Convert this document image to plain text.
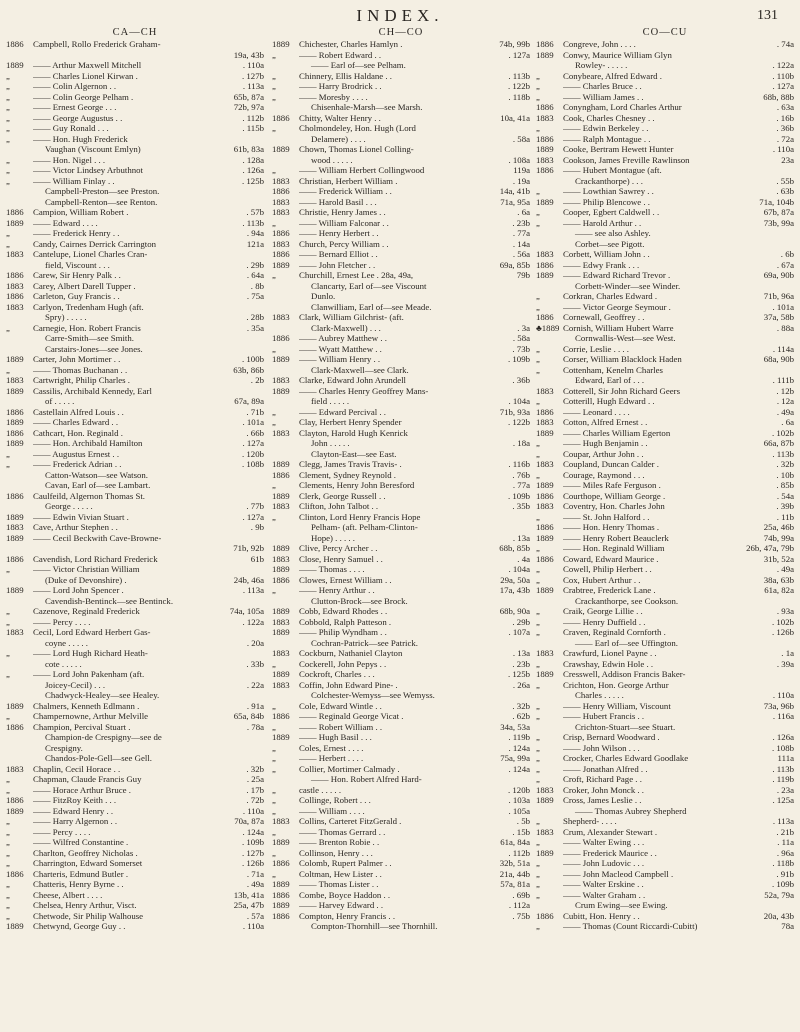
INDEX.	131
CA—CH
1886	Campbell, Rollo Frederick Graham-
19a, 43b
1889	—— Arthur Maxwell Mitchell	. 110a
„	—— Charles Lionel Kirwan .	. 127b
„	—— Colin Algernon . .	. 113a
„	—— Colin George Pelham .	65b, 87a
„	—— Ernest George . . .	72b, 97a
„	—— George Augustus . .	. 112b
„	—— Guy Ronald . . .	. 115b
„	—— Hon. Hugh Frederick
Vaughan (Viscount Emlyn)	61b, 83a
„	—— Hon. Nigel . . .	. 128a
„	—— Victor Lindsey Arbuthnot	. 126a
„	—— William Finlay . .	. 125b
Campbell-Preston—see Preston.
Campbell-Renton—see Renton.
1886	Campion, William Robert .	. 57b
1889	—— Edward . . . .	. 113b
„	—— Frederick Henry . .	. 94a
„	Candy, Cairnes Derrick Carrington	121a
1883	Cantelupe, Lionel Charles Cran-
field, Viscount . . .	. 29b
1886	Carew, Sir Henry Palk . .	. 64a
1883	Carey, Albert Darell Tupper .	. 8b
1886	Carleton, Guy Francis . .	. 75a
1883	Carlyon, Tredenham Hugh (aft.
Spry) . . . . .	. 28b
„	Carnegie, Hon. Robert Francis	. 35a
Carre-Smith—see Smith.
Carstairs-Jones—see Jones.
1889	Carter, John Mortimer . .	. 100b
„	—— Thomas Buchanan . .	63b, 86b
1883	Cartwright, Philip Charles .	. 2b
1889	Cassilis, Archibald Kennedy, Earl
of . . . . .	67a, 89a
1886	Castellain Alfred Louis . .	. 71b
1889	—— Charles Edward . .	. 101a
1886	Cathcart, Hon. Reginald .	. 66b
1889	—— Hon. Archibald Hamilton	. 127a
„	—— Augustus Ernest . .	. 120b
„	—— Frederick Adrian . .	. 108b
Catton-Watson—see Watson.
Cavan, Earl of—see Lambart.
1886	Caulfeild, Algernon Thomas St.
George . . . . .	. 77b
1889	—— Edwin Vivian Stuart .	. 127a
1883	Cave, Arthur Stephen . .	. 9b
1889	—— Cecil Beckwith Cave-Browne-
71b, 92b
1886	Cavendish, Lord Richard Frederick	61b
„	—— Victor Christian William
(Duke of Devonshire) .	24b, 46a
1889	—— Lord John Spencer .	. 113a
Cavendish-Bentinck—see Bentinck.
„	Cazenove, Reginald Frederick	74a, 105a
„	—— Percy . . . .	. 122a
1883	Cecil, Lord Edward Herbert Gas-
coyne . . . . .	. 20a
„	—— Lord Hugh Richard Heath-
cote . . . . .	. 33b
„	—— Lord John Pakenham (aft.
Joicey-Cecil) . . .	. 22a
Chadwyck-Healey—see Healey.
1889	Chalmers, Kenneth Edlmann .	. 91a
„	Champernowne, Arthur Melville	65a, 84b
1886	Champion, Percival Stuart .	. 78a
Champion-de Crespigny—see de
Crespigny.
Chandos-Pole-Gell—see Gell.
1883	Chaplin, Cecil Horace . .	. 32b
„	Chapman, Claude Francis Guy	. 25a
„	—— Horace Arthur Bruce .	. 17b
1886	—— FitzRoy Keith . . .	. 72b
1889	—— Edward Henry . .	. 110a
„	—— Harry Algernon . .	70a, 87a
„	—— Percy . . . .	. 124a
„	—— Wilfred Constantine .	. 109b
„	Charlton, Geoffrey Nicholas .	. 127b
„	Charrington, Edward Somerset	. 126b
1886	Charteris, Edmund Butler .	. 71a
„	Chatteris, Henry Byrne . .	. 49a
„	Cheese, Albert . . . .	13b, 41a
„	Chelsea, Henry Arthur, Visct.	25a, 47b
„	Chetwode, Sir Philip Walhouse	. 57a
1889	Chetwynd, George Guy . .	. 110a
CH—CO
1889	Chichester, Charles Hamlyn .	74b, 99b
„	—— Robert Edward . .	. 127a
—— Earl of—see Pelham.
„	Chinnery, Ellis Haldane . .	. 113b
„	—— Harry Brodrick . .	. 122b
„	—— Moresby . . . .	. 118b
Chisenhale-Marsh—see Marsh.
1886	Chitty, Walter Henry . .	10a, 41a
„	Cholmondeley, Hon. Hugh (Lord
Delamere) . . . .	. 58a
1889	Chown, Thomas Lionel Colling-
wood . . . . .	. 108a
„	—— William Herbert Collingwood	119a
1883	Christian, Herbert William .	. 19a
1886	—— Frederick William . .	14a, 41b
1883	—— Harold Basil . . .	71a, 95a
1883	Christie, Henry James . .	. 6a
„	—— William Falconar . .	. 23b
1886	—— Henry Herbert . .	. 77a
1883	Church, Percy William . .	. 14a
1886	—— Bernard Elliot . .	. 56a
1889	—— John Fletcher . .	69a, 85b
„	Churchill, Ernest Lee . 28a, 49a,	79b
Clancarty, Earl of—see Viscount
Dunlo.
Clanwilliam, Earl of—see Meade.
1883	Clark, William Gilchrist- (aft.
Clark-Maxwell) . . .	. 3a
1886	—— Aubrey Matthew . .	. 58a
„	—— Wyatt Matthew . .	. 73b
1889	—— William Henry . .	. 109b
Clark-Maxwell—see Clark.
1883	Clarke, Edward John Arundell	. 36b
1889	—— Charles Henry Geoffrey Mans-
field . . . . .	. 104a
„	—— Edward Percival . .	71b, 93a
„	Clay, Herbert Henry Spender	. 122b
1883	Clayton, Harold Hugh Kenrick
John . . . . .	. 18a
Clayton-East—see East.
1889	Clegg, James Travis Travis- .	. 116b
1886	Clement, Sydney Reynold .	. 76b
„	Clements, Henry John Beresford	. 77a
1889	Clerk, George Russell . .	. 109b
1883	Clifton, John Talbot . .	. 35b
„	Clinton, Lord Henry Francis Hope
Pelham- (aft. Pelham-Clinton-
Hope) . . . . .	. 13a
1889	Clive, Percy Archer . .	68b, 85b
1883	Close, Henry Samuel . .	. 4a
1889	—— Thomas . . . .	. 104a
1886	Clowes, Ernest William . .	29a, 50a
„	—— Henry Arthur . .	17a, 43b
Clutton-Brock—see Brock.
1889	Cobb, Edward Rhodes . .	68b, 90a
1883	Cobbold, Ralph Patteson .	. 29b
1889	—— Philip Wyndham . .	. 107a
Cochran-Patrick—see Patrick.
1883	Cockburn, Nathaniel Clayton	. 13a
„	Cockerell, John Pepys . .	. 23b
1889	Cockroft, Charles . . .	. 125b
1883	Coffin, John Edward Pine- .	. 26a
Colchester-Wemyss—see Wemyss.
„	Cole, Edward Wintle . .	. 32b
1886	—— Reginald George Vicat .	. 62b
„	—— Robert William . .	34a, 53a
1889	—— Hugh Basil . . .	. 119b
„	Coles, Ernest . . . .	. 124a
„	—— Herbert . . . .	75a, 99a
„	Collier, Mortimer Calmady .	. 124a
—— Hon. Robert Alfred Hard-
„	castle . . . . .	. 120b
„	Collinge, Robert . . .	. 103a
„	—— William . . . .	. 105a
1883	Collins, Carteret FitzGerald .	. 5b
„	—— Thomas Gerrard . .	. 15b
1889	—— Brenton Robie . .	61a, 84a
„	Collinson, Henry . . .	. 112b
1886	Colomb, Rupert Palmer . .	32b, 51a
„	Coltman, Hew Lister . .	21a, 44b
1889	—— Thomas Lister . .	57a, 81a
1886	Combe, Boyce Haddon . .	. 69b
1889	—— Harvey Edward . .	. 112a
1886	Compton, Henry Francis . .	. 75b
Compton-Thornhill—see Thornhill.
CO—CU
1886	Congreve, John . . . .	. 74a
1889	Conwy, Maurice William Glyn
Rowley- . . . . .	. 122a
„	Conybeare, Alfred Edward .	. 110b
„	—— Charles Bruce . .	. 127a
„	—— William James . .	68b, 88b
1886	Conyngham, Lord Charles Arthur	. 63a
1883	Cook, Charles Chesney . .	. 16b
„	—— Edwin Berkeley . .	. 36b
1886	—— Ralph Montague . .	. 72a
1889	Cooke, Bertram Hewett Hunter	. 110a
1883	Cookson, James Freville Rawlinson	23a
1886	—— Hubert Montague (aft.
Crackanthorpe) . . .	. 55b
„	—— Lowthian Sawrey . .	. 63b
1889	—— Philip Blencowe . .	71a, 104b
„	Cooper, Egbert Caldwell . .	67b, 87a
„	—— Harold Arthur . .	73b, 99a
—— see also Ashley.
Corbet—see Pigott.
1883	Corbett, William John . .	. 6b
1886	—— Edwy Frank . . .	. 67a
1889	—— Edward Richard Trevor .	69a, 90b
Corbett-Winder—see Winder.
„	Corkran, Charles Edward .	71b, 96a
„	—— Victor George Seymour .	. 101a
1886	Cornewall, Geoffrey . .	37a, 58b
♣1889 Cornish, William Hubert Warre	. 88a
Cornwallis-West—see West.
„	Corrie, Leslie . . . .	. 114a
„	Corser, William Blacklock Haden	68a, 90b
„	Cottenham, Kenelm Charles
Edward, Earl of . . .	. 111b
1883	Cotterell, Sir John Richard Geers	. 12b
„	Cotterill, Hugh Edward . .	. 12a
1886	—— Leonard . . . .	. 49a
1883	Cotton, Alfred Ernest . .	. 6a
1889	—— Charles William Egerton	. 102b
„	—— Hugh Benjamin . .	66a, 87b
„	Coupar, Arthur John . .	. 113b
1883	Coupland, Duncan Calder .	. 32b
„	Courage, Raymond . . .	. 10b
1889	—— Miles Rafe Ferguson .	. 85b
1886	Courthope, William George .	. 54a
1883	Coventry, Hon. Charles John	. 39b
„	—— St. John Halford . .	. 11b
1886	—— Hon. Henry Thomas .	25a, 46b
1889	—— Henry Robert Beauclerk	74b, 99a
„	—— Hon. Reginald William	26b, 47a, 79b
1886	Coward, Edward Maurice .	31b, 52a
„	Cowell, Philip Herbert . .	. 49a
„	Cox, Hubert Arthur . .	38a, 63b
1889	Crabtree, Frederick Lane .	61a, 82a
Crackanthorpe, see Cookson.
„	Craik, George Lillie . .	. 93a
„	—— Henry Duffield . .	. 102b
„	Craven, Reginald Cornforth .	. 126b
—— Earl of—see Uffington.
1883	Crawfurd, Lionel Payne . .	. 1a
„	Crawshay, Edwin Hole . .	. 39a
1889	Cresswell, Addison Francis Baker-
„	Crichton, Hon. George Arthur
Charles . . . . .	. 110a
„	—— Henry William, Viscount	73a, 96b
„	—— Hubert Francis . .	. 116a
Crichton-Stuart—see Stuart.
„	Crisp, Bernard Woodward .	. 126a
„	—— John Wilson . . .	. 108b
„	Crocker, Charles Edward Goodlake	111a
„	—— Jonathan Alfred . .	. 113b
„	Croft, Richard Page . .	. 119b
1883	Croker, John Monck . .	. 23a
1889	Cross, James Leslie . .	. 125a
—— Thomas Aubrey Shepherd
„	Shepherd- . . . .	. 113a
1883	Crum, Alexander Stewart .	. 21b
„	—— Walter Ewing . . .	. 11a
1889	—— Frederick Maurice . .	. 96a
„	—— John Ludovic . . .	. 118b
„	—— John Macleod Campbell .	. 91b
„	—— Walter Erskine . .	. 109b
„	—— Walter Graham . .	52a, 79a
Crum Ewing—see Ewing.
1886	Cubitt, Hon. Henry . .	20a, 43b
„	—— Thomas (Count Riccardi-Cubitt)	78a
